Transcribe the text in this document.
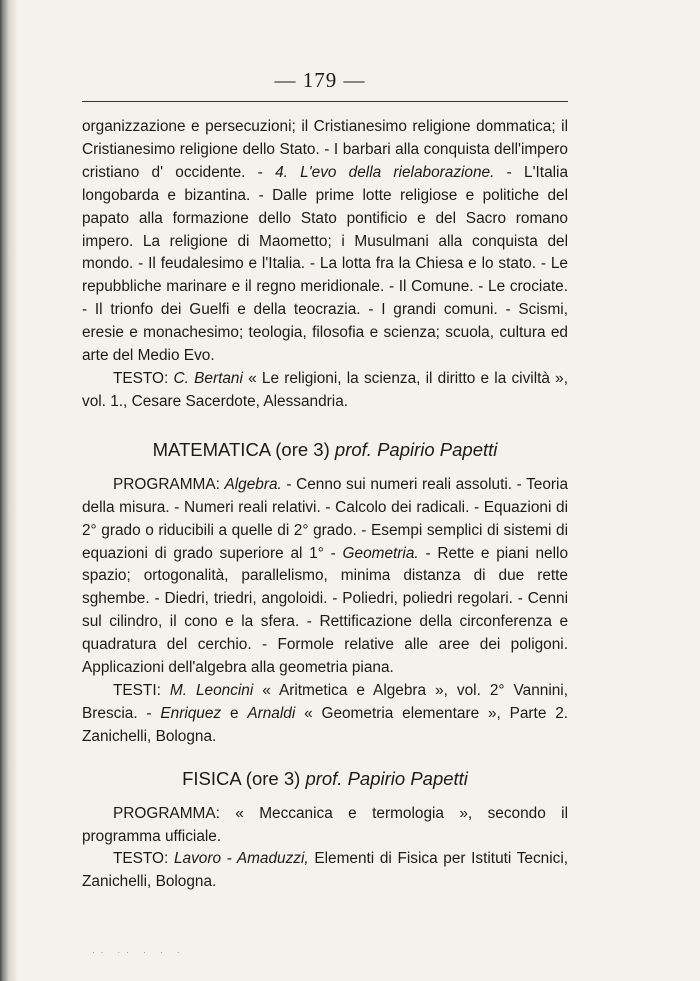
— 179 —

organizzazione e persecuzioni; il Cristianesimo religione dommatica; il Cristianesimo religione dello Stato. - I barbari alla conquista dell'impero cristiano d' occidente. - 4. L'evo della rielaborazione. - L'Italia longobarda e bizantina. - Dalle prime lotte religiose e politiche del papato alla formazione dello Stato pontificio e del Sacro romano impero. La religione di Maometto; i Musulmani alla conquista del mondo. - Il feudalesimo e l'Italia. - La lotta fra la Chiesa e lo stato. - Le repubbliche marinare e il regno meridionale. - Il Comune. - Le crociate. - Il trionfo dei Guelfi e della teocrazia. - I grandi comuni. - Scismi, eresie e monachesimo; teologia, filosofia e scienza; scuola, cultura ed arte del Medio Evo.

TESTO: C. Bertani « Le religioni, la scienza, il diritto e la civiltà », vol. 1., Cesare Sacerdote, Alessandria.

MATEMATICA (ore 3) prof. Papirio Papetti

PROGRAMMA: Algebra. - Cenno sui numeri reali assoluti. - Teoria della misura. - Numeri reali relativi. - Calcolo dei radicali. - Equazioni di 2° grado o riducibili a quelle di 2° grado. - Esempi semplici di sistemi di equazioni di grado superiore al 1° - Geometria. - Rette e piani nello spazio; ortogonalità, parallelismo, minima distanza di due rette sghembe. - Diedri, triedri, angoloidi. - Poliedri, poliedri regolari. - Cenni sul cilindro, il cono e la sfera. - Rettificazione della circonferenza e quadratura del cerchio. - Formole relative alle aree dei poligoni. Applicazioni dell'algebra alla geometria piana.

TESTI: M. Leoncini « Aritmetica e Algebra », vol. 2° Vannini, Brescia. - Enriquez e Arnaldi « Geometria elementare », Parte 2. Zanichelli, Bologna.

FISICA (ore 3) prof. Papirio Papetti

PROGRAMMA: « Meccanica e termologia », secondo il programma ufficiale.

TESTO: Lavoro - Amaduzzi, Elementi di Fisica per Istituti Tecnici, Zanichelli, Bologna.

·· ·· · · ·
